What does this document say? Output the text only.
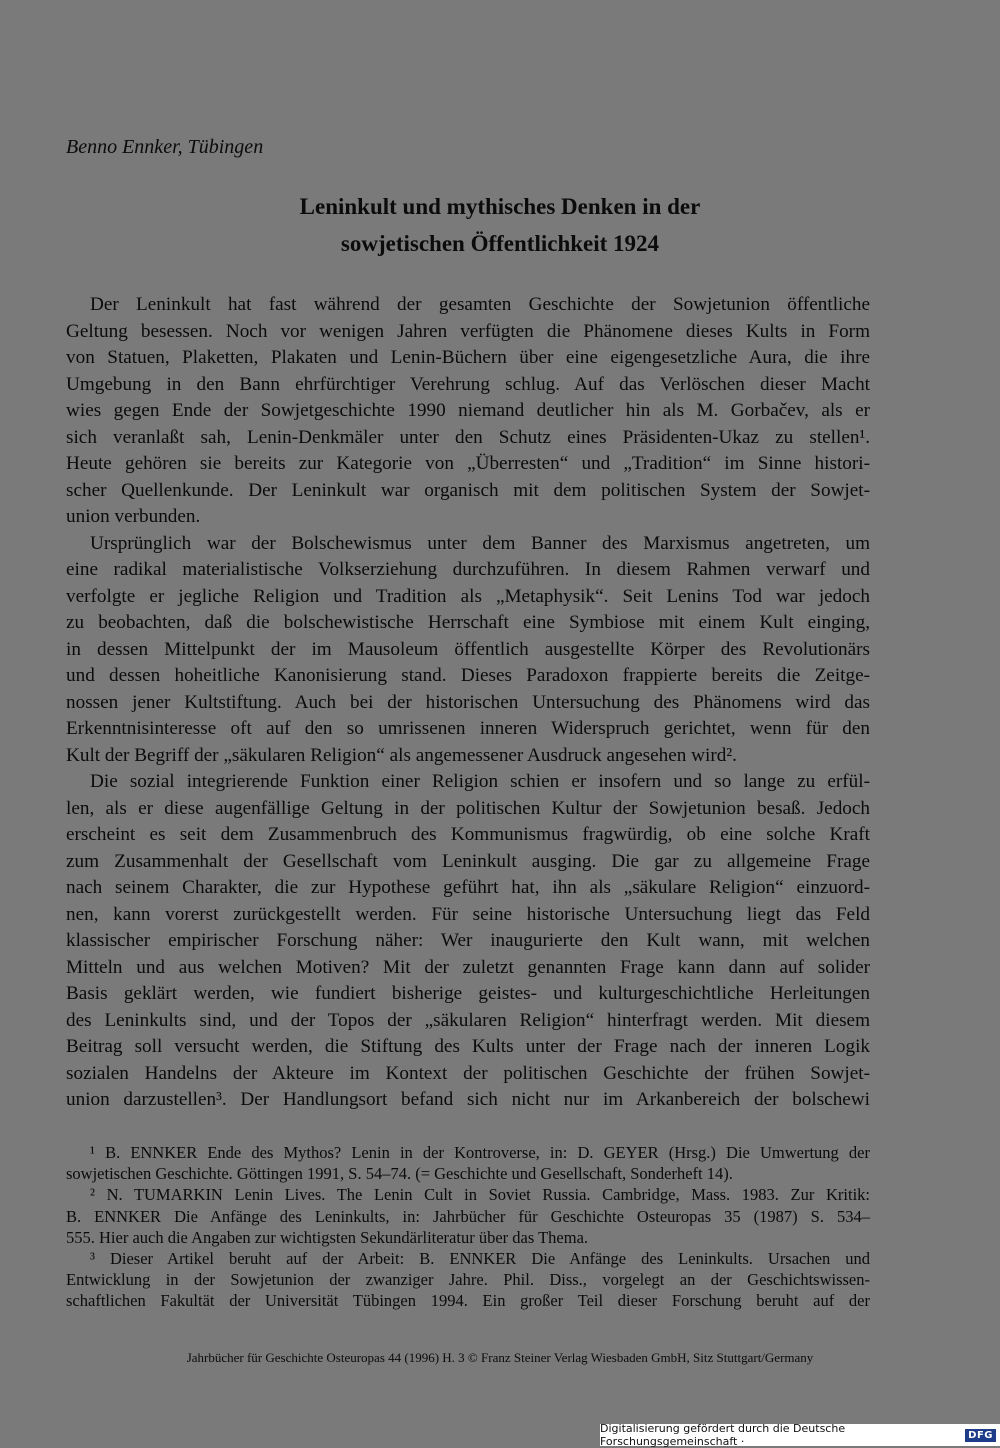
Benno Ennker, Tübingen
Leninkult und mythisches Denken in der
sowjetischen Öffentlichkeit 1924
Der Leninkult hat fast während der gesamten Geschichte der Sowjetunion öffentliche
Geltung besessen. Noch vor wenigen Jahren verfügten die Phänomene dieses Kults in Form
von Statuen, Plaketten, Plakaten und Lenin-Büchern über eine eigengesetzliche Aura, die ihre
Umgebung in den Bann ehrfürchtiger Verehrung schlug. Auf das Verlöschen dieser Macht
wies gegen Ende der Sowjetgeschichte 1990 niemand deutlicher hin als M. Gorbačev, als er
sich veranlaßt sah, Lenin-Denkmäler unter den Schutz eines Präsidenten-Ukaz zu stellen¹.
Heute gehören sie bereits zur Kategorie von „Überresten“ und „Tradition“ im Sinne histori-
scher Quellenkunde. Der Leninkult war organisch mit dem politischen System der Sowjet-
union verbunden.
Ursprünglich war der Bolschewismus unter dem Banner des Marxismus angetreten, um
eine radikal materialistische Volkserziehung durchzuführen. In diesem Rahmen verwarf und
verfolgte er jegliche Religion und Tradition als „Metaphysik“. Seit Lenins Tod war jedoch
zu beobachten, daß die bolschewistische Herrschaft eine Symbiose mit einem Kult einging,
in dessen Mittelpunkt der im Mausoleum öffentlich ausgestellte Körper des Revolutionärs
und dessen hoheitliche Kanonisierung stand. Dieses Paradoxon frappierte bereits die Zeitge-
nossen jener Kultstiftung. Auch bei der historischen Untersuchung des Phänomens wird das
Erkenntnisinteresse oft auf den so umrissenen inneren Widerspruch gerichtet, wenn für den
Kult der Begriff der „säkularen Religion“ als angemessener Ausdruck angesehen wird².
Die sozial integrierende Funktion einer Religion schien er insofern und so lange zu erfül-
len, als er diese augenfällige Geltung in der politischen Kultur der Sowjetunion besaß. Jedoch
erscheint es seit dem Zusammenbruch des Kommunismus fragwürdig, ob eine solche Kraft
zum Zusammenhalt der Gesellschaft vom Leninkult ausging. Die gar zu allgemeine Frage
nach seinem Charakter, die zur Hypothese geführt hat, ihn als „säkulare Religion“ einzuord-
nen, kann vorerst zurückgestellt werden. Für seine historische Untersuchung liegt das Feld
klassischer empirischer Forschung näher: Wer inaugurierte den Kult wann, mit welchen
Mitteln und aus welchen Motiven? Mit der zuletzt genannten Frage kann dann auf solider
Basis geklärt werden, wie fundiert bisherige geistes- und kulturgeschichtliche Herleitungen
des Leninkults sind, und der Topos der „säkularen Religion“ hinterfragt werden. Mit diesem
Beitrag soll versucht werden, die Stiftung des Kults unter der Frage nach der inneren Logik
sozialen Handelns der Akteure im Kontext der politischen Geschichte der frühen Sowjet-
union darzustellen³. Der Handlungsort befand sich nicht nur im Arkanbereich der bolschewi
¹ B. ENNKER Ende des Mythos? Lenin in der Kontroverse, in: D. GEYER (Hrsg.) Die Umwertung der
sowjetischen Geschichte. Göttingen 1991, S. 54–74. (= Geschichte und Gesellschaft, Sonderheft 14).
² N. TUMARKIN Lenin Lives. The Lenin Cult in Soviet Russia. Cambridge, Mass. 1983. Zur Kritik:
B. ENNKER Die Anfänge des Leninkults, in: Jahrbücher für Geschichte Osteuropas 35 (1987) S. 534–
555. Hier auch die Angaben zur wichtigsten Sekundärliteratur über das Thema.
³ Dieser Artikel beruht auf der Arbeit: B. ENNKER Die Anfänge des Leninkults. Ursachen und
Entwicklung in der Sowjetunion der zwanziger Jahre. Phil. Diss., vorgelegt an der Geschichtswissen-
schaftlichen Fakultät der Universität Tübingen 1994. Ein großer Teil dieser Forschung beruht auf der
Jahrbücher für Geschichte Osteuropas 44 (1996) H. 3 © Franz Steiner Verlag Wiesbaden GmbH, Sitz Stuttgart/Germany
Digitalisierung gefördert durch die Deutsche Forschungsgemeinschaft ·	DFG
